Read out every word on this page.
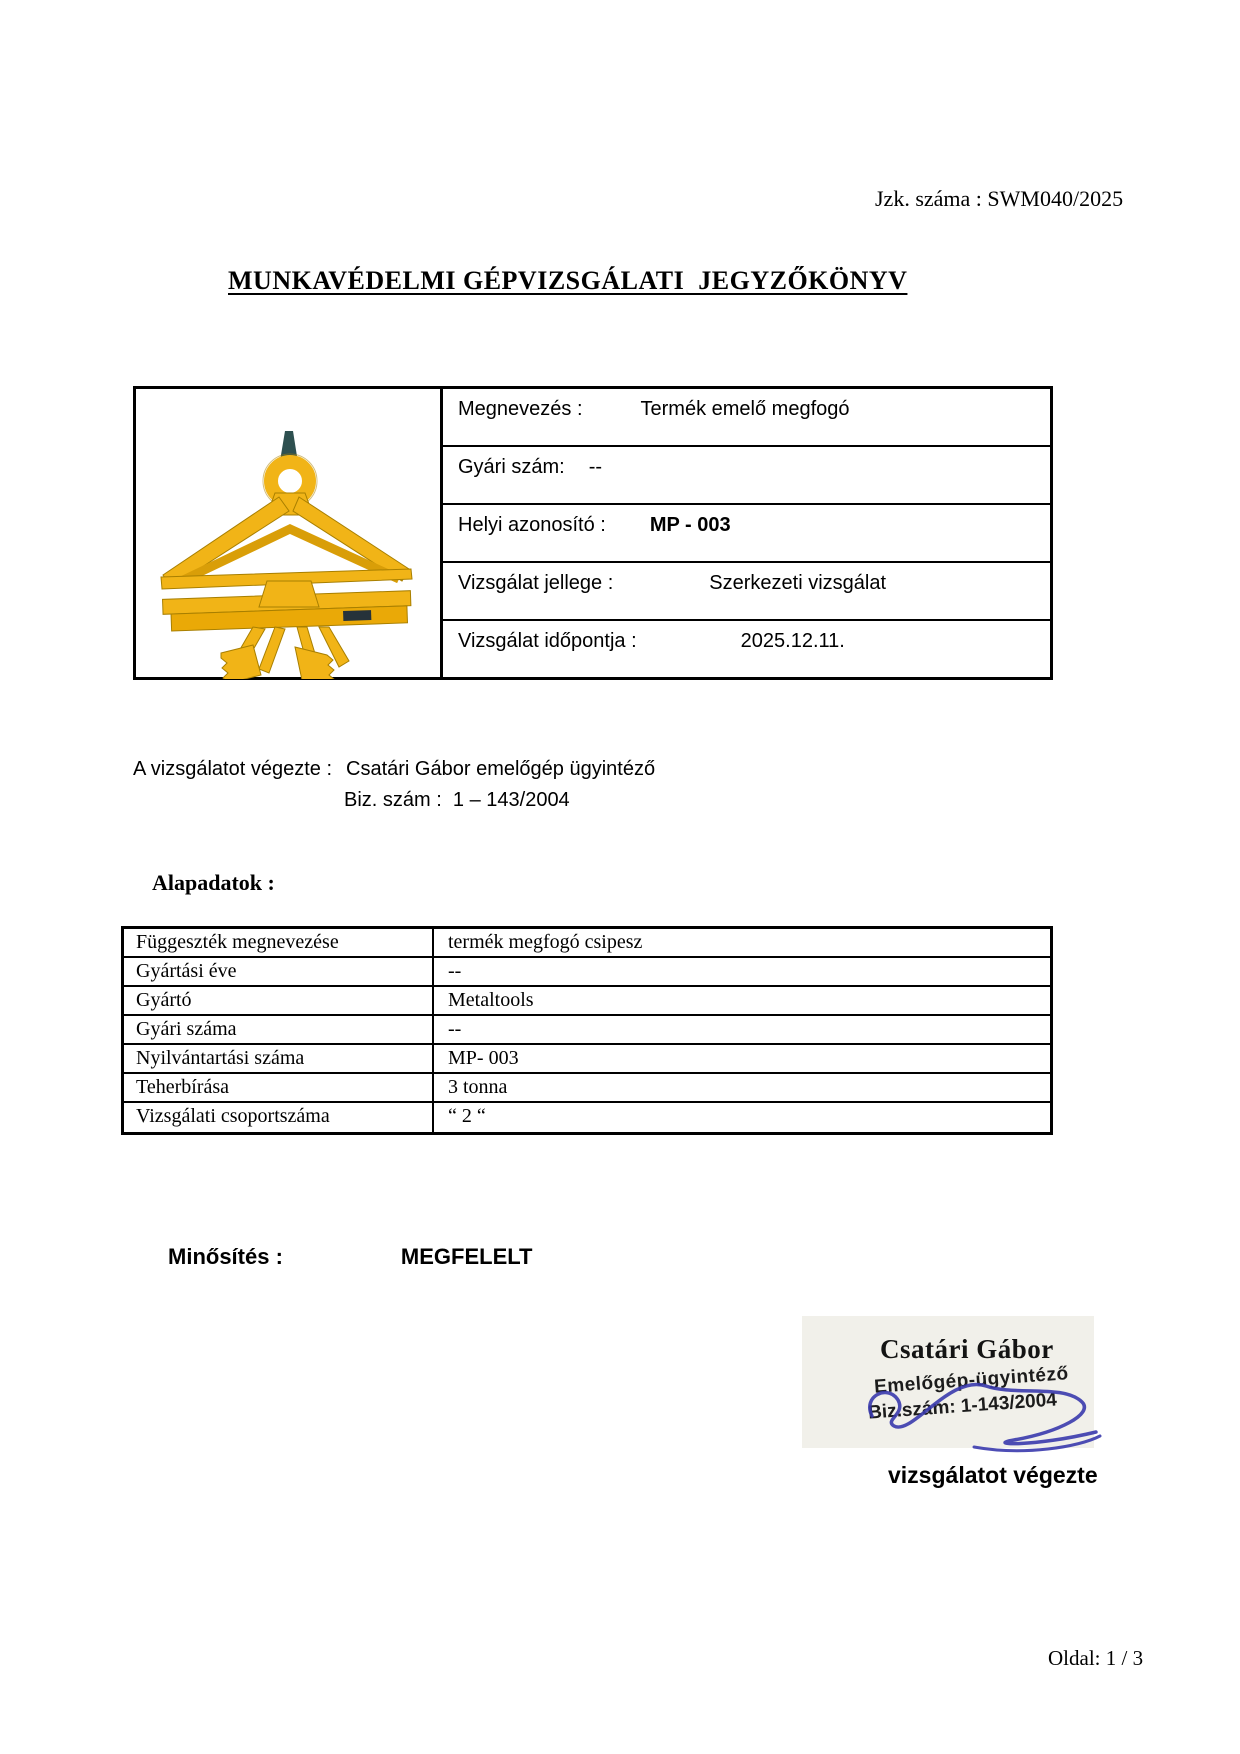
Jzk. száma : SWM040/2025
MUNKAVÉDELMI GÉPVIZSGÁLATI  JEGYZŐKÖNYV
Megnevezés :	Termék emelő megfogó
Gyári szám: --
Helyi azonosító : MP - 003
Vizsgálat jellege :	Szerkezeti vizsgálat
Vizsgálat időpontja :	2025.12.11.
A vizsgálatot végezte : Csatári Gábor emelőgép ügyintéző
Biz. szám :  1 – 143/2004
Alapadatok :
Függeszték megnevezése	termék megfogó csipesz
Gyártási éve	--
Gyártó	Metaltools
Gyári száma	--
Nyilvántartási száma	MP- 003
Teherbírása	3 tonna
Vizsgálati csoportszáma	“ 2 “
Minősítés :	MEGFELELT
Csatári Gábor
Emelőgép-ügyintéző
Biz.szám: 1-143/2004
vizsgálatot végezte
Oldal: 1 / 3
